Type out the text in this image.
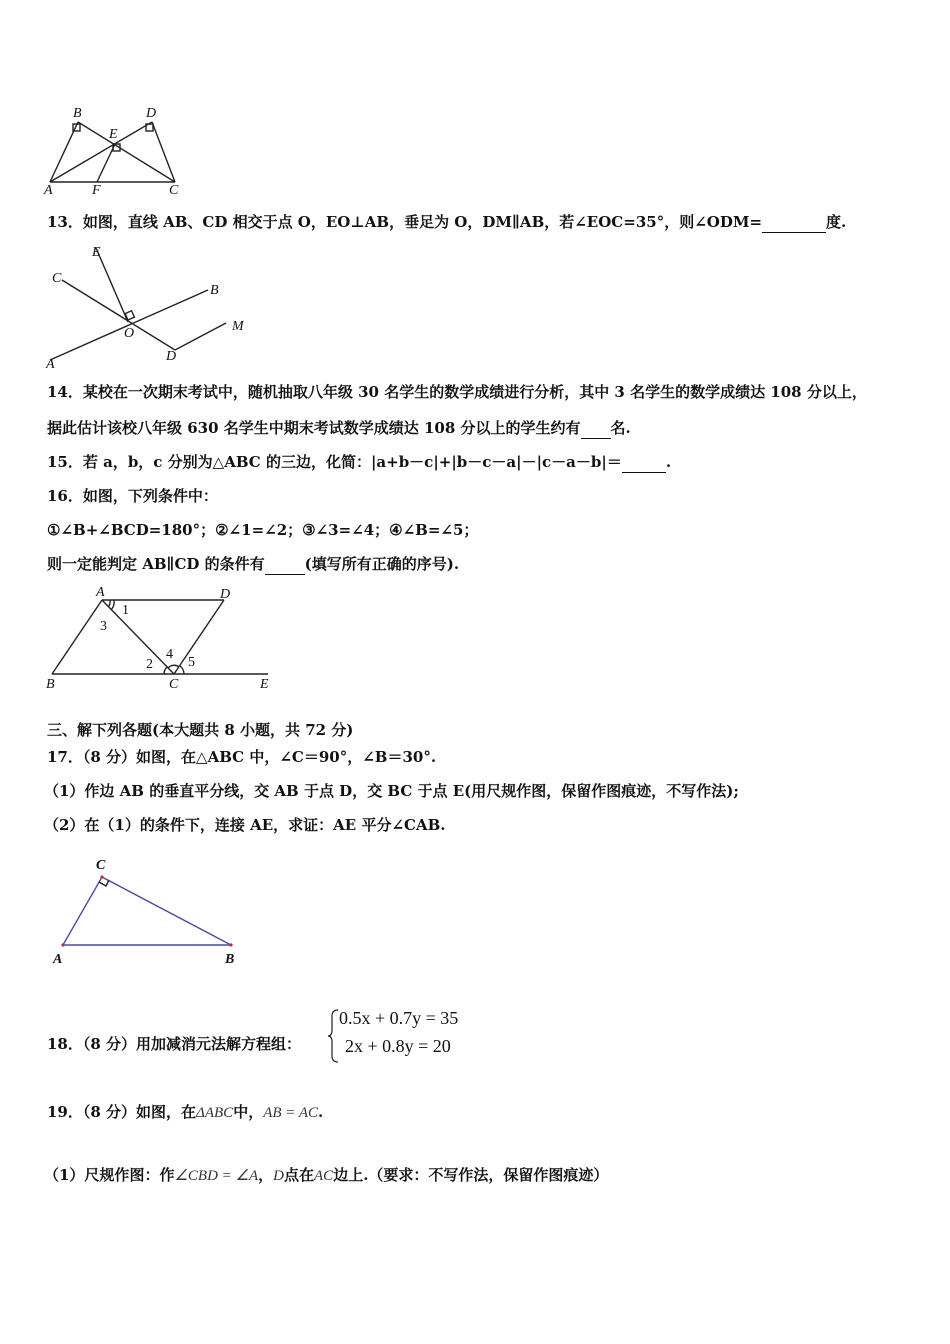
B	D
E
A	F	C
13．如图，直线 AB、CD 相交于点 O，EO⊥AB，垂足为 O，DM∥AB，若∠EOC=35°，则∠ODM=	度.
E
C
B
O	M
A
D
14．某校在一次期末考试中，随机抽取八年级 30 名学生的数学成绩进行分析，其中 3 名学生的数学成绩达 108 分以上，
据此估计该校八年级 630 名学生中期末考试数学成绩达 108 分以上的学生约有 名.
15．若 a，b，c 分别为△ABC 的三边，化简：|a+b－c|+|b－c－a|－|c－a－b|＝	.
16．如图，下列条件中：
①∠B+∠BCD=180°；②∠1=∠2；③∠3=∠4；④∠B=∠5；
则一定能判定 AB∥CD 的条件有	(填写所有正确的序号).
A	D
B	C	E
1
3
2
4
5
三、解下列各题(本大题共 8 小题，共 72 分)
17．（8 分）如图，在△ABC 中，∠C＝90°，∠B＝30°.
（1）作边 AB 的垂直平分线，交 AB 于点 D，交 BC 于点 E(用尺规作图，保留作图痕迹，不写作法);
（2）在（1）的条件下，连接 AE，求证：AE 平分∠CAB.
C
A	B
18．（8 分）用加减消元法解方程组：
0.5x + 0.7y = 35
2x + 0.8y = 20
19．（8 分）如图，在ΔABC中，AB = AC.
（1）尺规作图：作∠CBD = ∠A，D点在AC边上.（要求：不写作法，保留作图痕迹）
